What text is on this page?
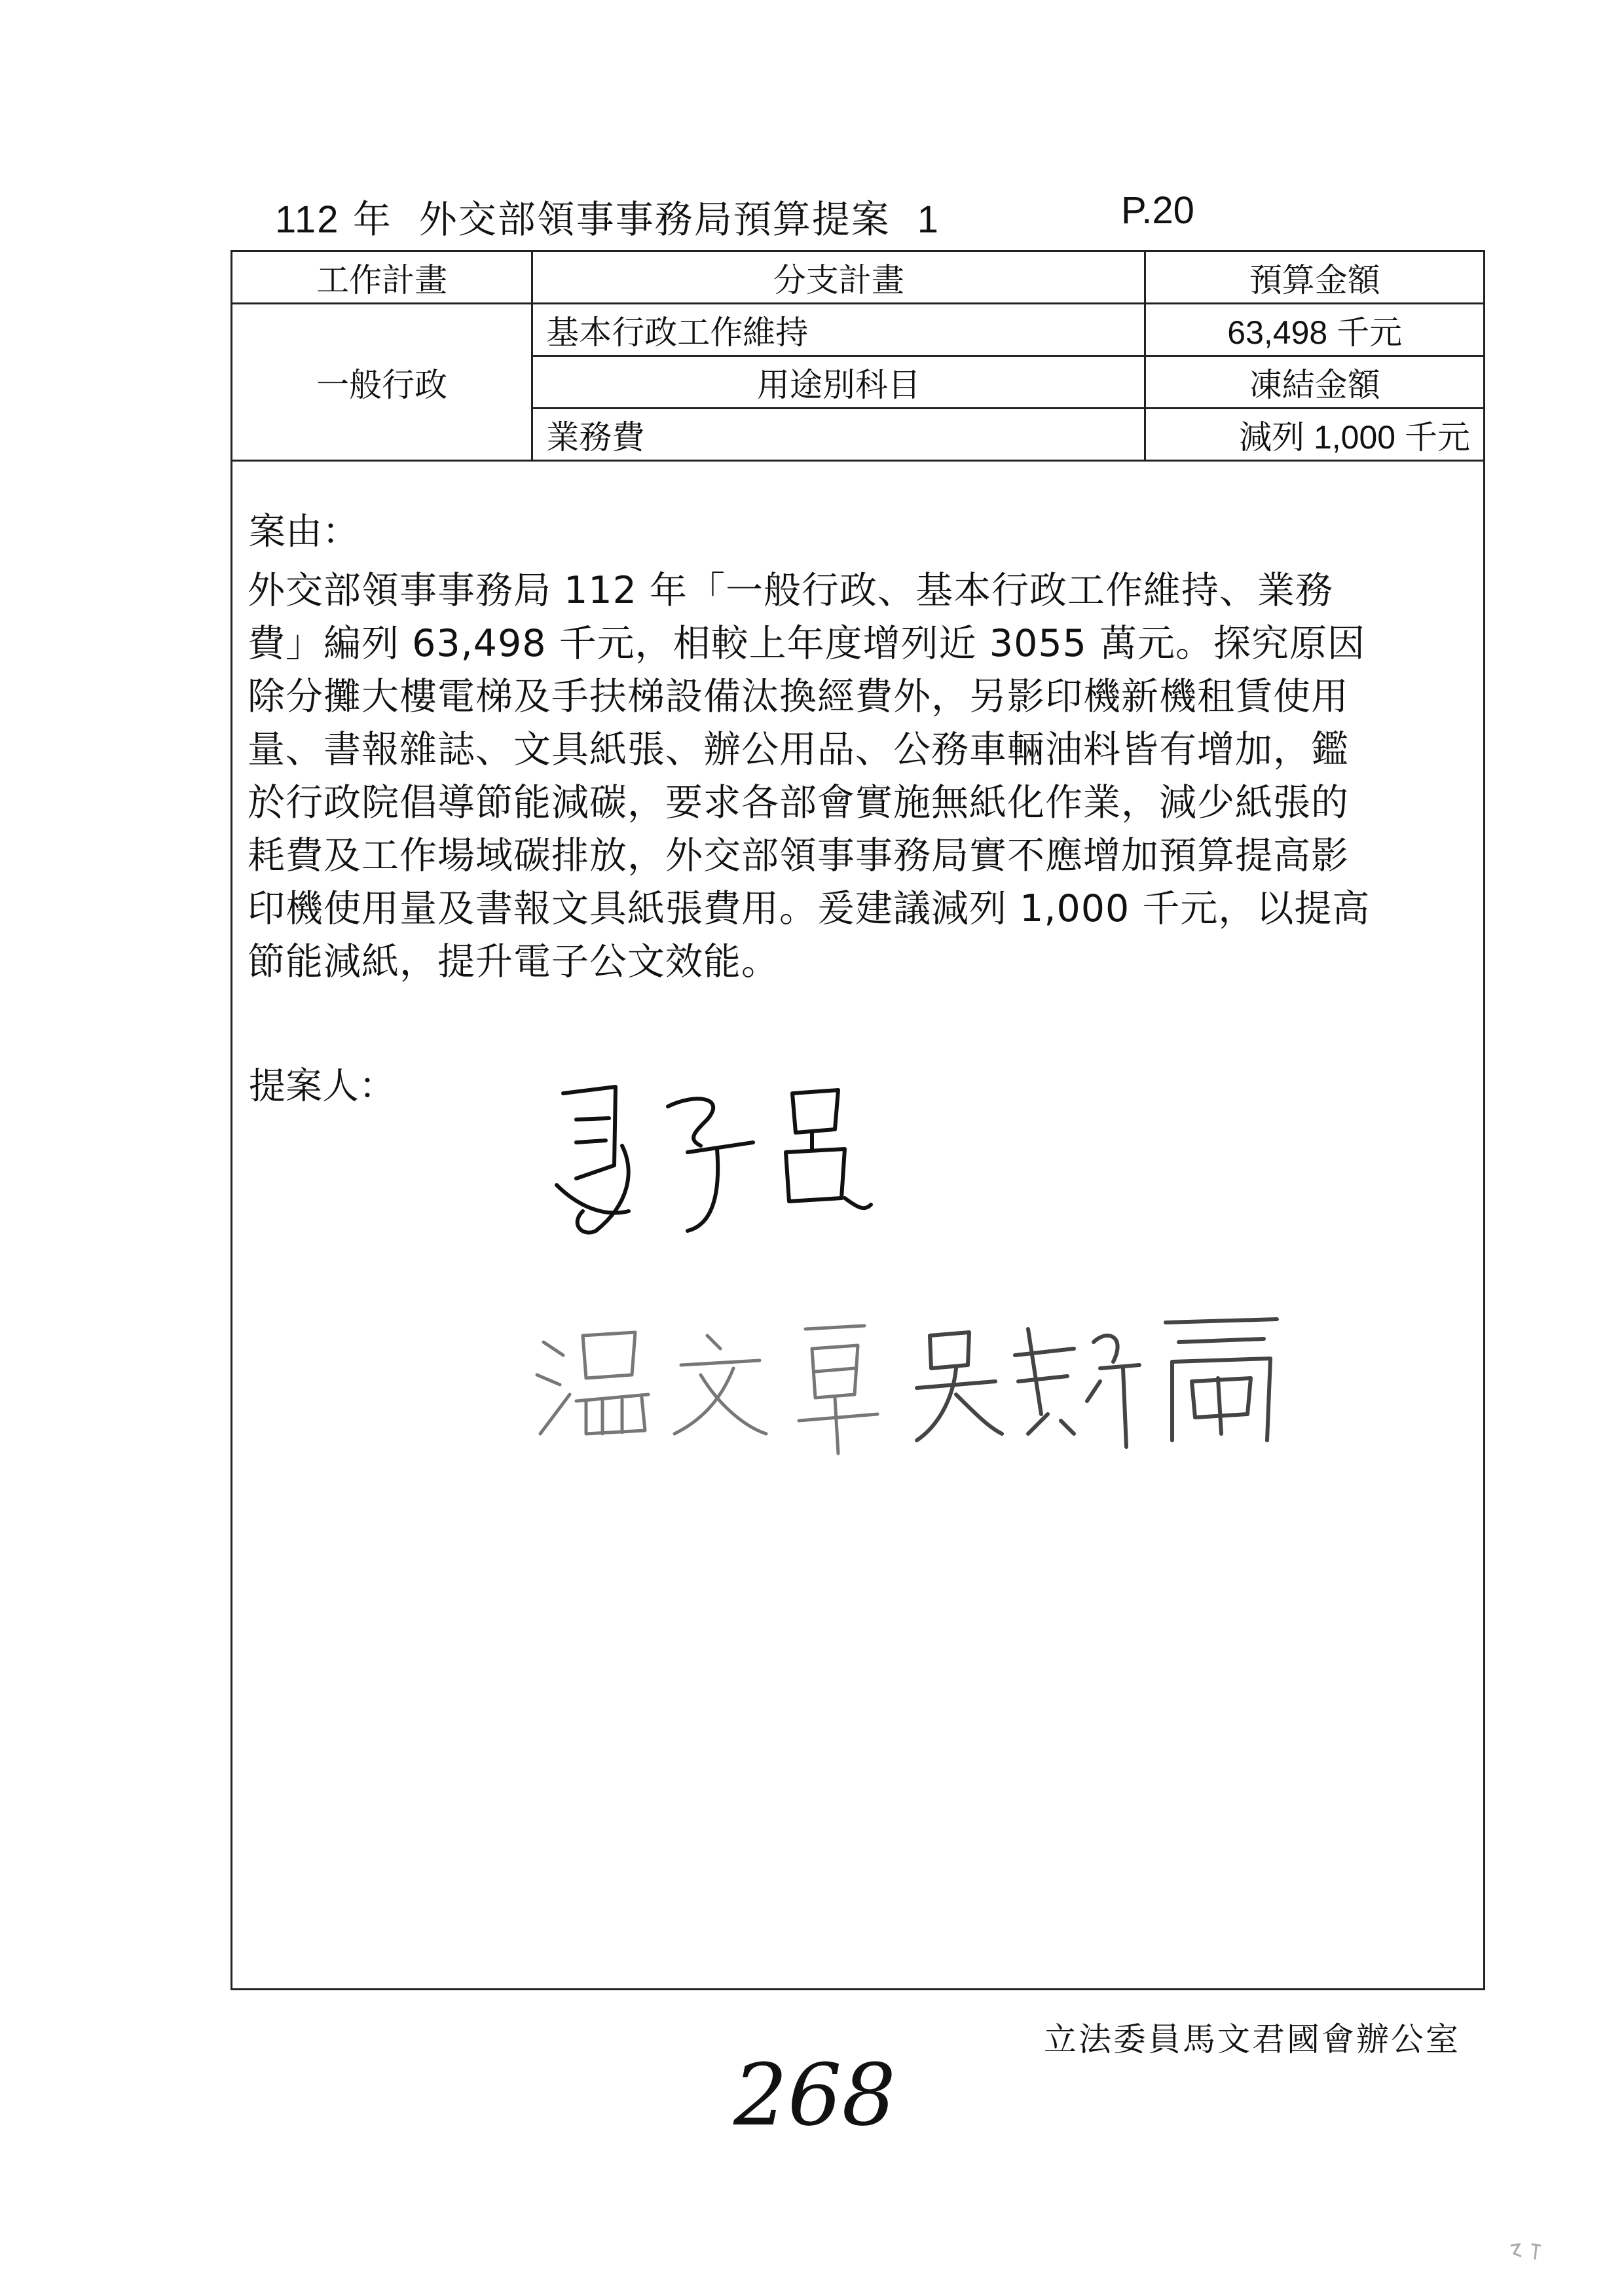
112 年 外交部領事事務局預算提案 1	P.20
工作計畫	分支計畫	預算金額
一般行政	基本行政工作維持	63,498 千元
	用途別科目	凍結金額
	業務費	減列 1,000 千元
案由：
外交部領事事務局 112 年「一般行政、基本行政工作維持、業務
費」編列 63,498 千元，相較上年度增列近 3055 萬元。探究原因
除分攤大樓電梯及手扶梯設備汰換經費外，另影印機新機租賃使用
量、書報雜誌、文具紙張、辦公用品、公務車輛油料皆有增加，鑑
於行政院倡導節能減碳，要求各部會實施無紙化作業，減少紙張的
耗費及工作場域碳排放，外交部領事事務局實不應增加預算提高影
印機使用量及書報文具紙張費用。爰建議減列 1,000 千元，以提高
節能減紙，提升電子公文效能。
提案人：
立法委員馬文君國會辦公室
268
